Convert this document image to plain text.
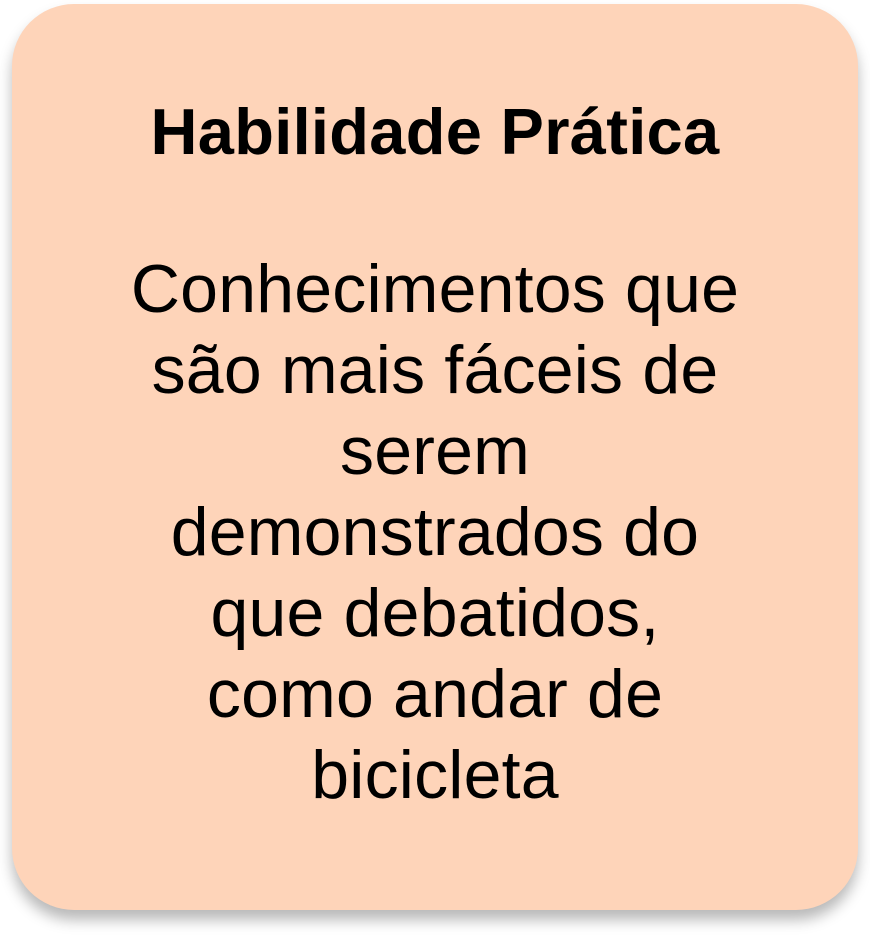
Habilidade Prática

Conhecimentos que
são mais fáceis de
serem
demonstrados do
que debatidos,
como andar de
bicicleta
